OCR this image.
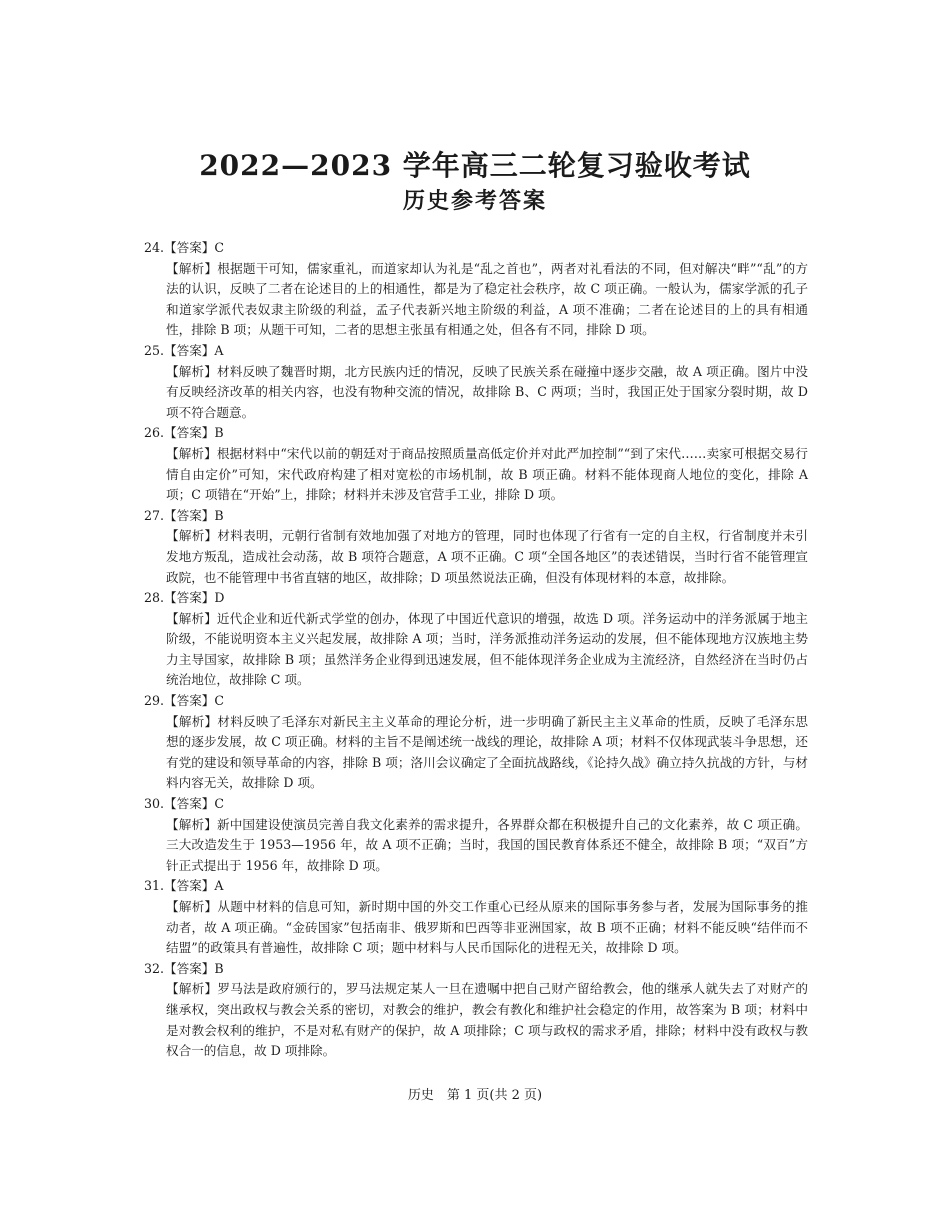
2022—2023 学年高三二轮复习验收考试
历史参考答案

24.【答案】C

【解析】根据题干可知，儒家重礼，而道家却认为礼是“乱之首也”，两者对礼看法的不同，但对解决“畔”“乱”的方法的认识，反映了二者在论述目的上的相通性，都是为了稳定社会秩序，故 C 项正确。一般认为，儒家学派的孔子和道家学派代表奴隶主阶级的利益，孟子代表新兴地主阶级的利益，A 项不准确；二者在论述目的上的具有相通性，排除 B 项；从题干可知，二者的思想主张虽有相通之处，但各有不同，排除 D 项。

25.【答案】A

【解析】材料反映了魏晋时期，北方民族内迁的情况，反映了民族关系在碰撞中逐步交融，故 A 项正确。图片中没有反映经济改革的相关内容，也没有物种交流的情况，故排除 B、C 两项；当时，我国正处于国家分裂时期，故 D 项不符合题意。

26.【答案】B

【解析】根据材料中“宋代以前的朝廷对于商品按照质量高低定价并对此严加控制”“到了宋代……卖家可根据交易行情自由定价”可知，宋代政府构建了相对宽松的市场机制，故 B 项正确。材料不能体现商人地位的变化，排除 A 项；C 项错在“开始”上，排除；材料并未涉及官营手工业，排除 D 项。

27.【答案】B

【解析】材料表明，元朝行省制有效地加强了对地方的管理，同时也体现了行省有一定的自主权，行省制度并未引发地方叛乱，造成社会动荡，故 B 项符合题意，A 项不正确。C 项“全国各地区”的表述错误，当时行省不能管理宣政院，也不能管理中书省直辖的地区，故排除；D 项虽然说法正确，但没有体现材料的本意，故排除。

28.【答案】D

【解析】近代企业和近代新式学堂的创办，体现了中国近代意识的增强，故选 D 项。洋务运动中的洋务派属于地主阶级，不能说明资本主义兴起发展，故排除 A 项；当时，洋务派推动洋务运动的发展，但不能体现地方汉族地主势力主导国家，故排除 B 项；虽然洋务企业得到迅速发展，但不能体现洋务企业成为主流经济，自然经济在当时仍占统治地位，故排除 C 项。

29.【答案】C

【解析】材料反映了毛泽东对新民主主义革命的理论分析，进一步明确了新民主主义革命的性质，反映了毛泽东思想的逐步发展，故 C 项正确。材料的主旨不是阐述统一战线的理论，故排除 A 项；材料不仅体现武装斗争思想，还有党的建设和领导革命的内容，排除 B 项；洛川会议确定了全面抗战路线，《论持久战》确立持久抗战的方针，与材料内容无关，故排除 D 项。

30.【答案】C

【解析】新中国建设使演员完善自我文化素养的需求提升，各界群众都在积极提升自己的文化素养，故 C 项正确。三大改造发生于 1953—1956 年，故 A 项不正确；当时，我国的国民教育体系还不健全，故排除 B 项；“双百”方针正式提出于 1956 年，故排除 D 项。

31.【答案】A

【解析】从题中材料的信息可知，新时期中国的外交工作重心已经从原来的国际事务参与者，发展为国际事务的推动者，故 A 项正确。“金砖国家”包括南非、俄罗斯和巴西等非亚洲国家，故 B 项不正确；材料不能反映“结伴而不结盟”的政策具有普遍性，故排除 C 项；题中材料与人民币国际化的进程无关，故排除 D 项。

32.【答案】B

【解析】罗马法是政府颁行的，罗马法规定某人一旦在遗嘱中把自己财产留给教会，他的继承人就失去了对财产的继承权，突出政权与教会关系的密切，对教会的维护，教会有教化和维护社会稳定的作用，故答案为 B 项；材料中是对教会权利的维护，不是对私有财产的保护，故 A 项排除；C 项与政权的需求矛盾，排除；材料中没有政权与教权合一的信息，故 D 项排除。

历史　第 1 页(共 2 页)
